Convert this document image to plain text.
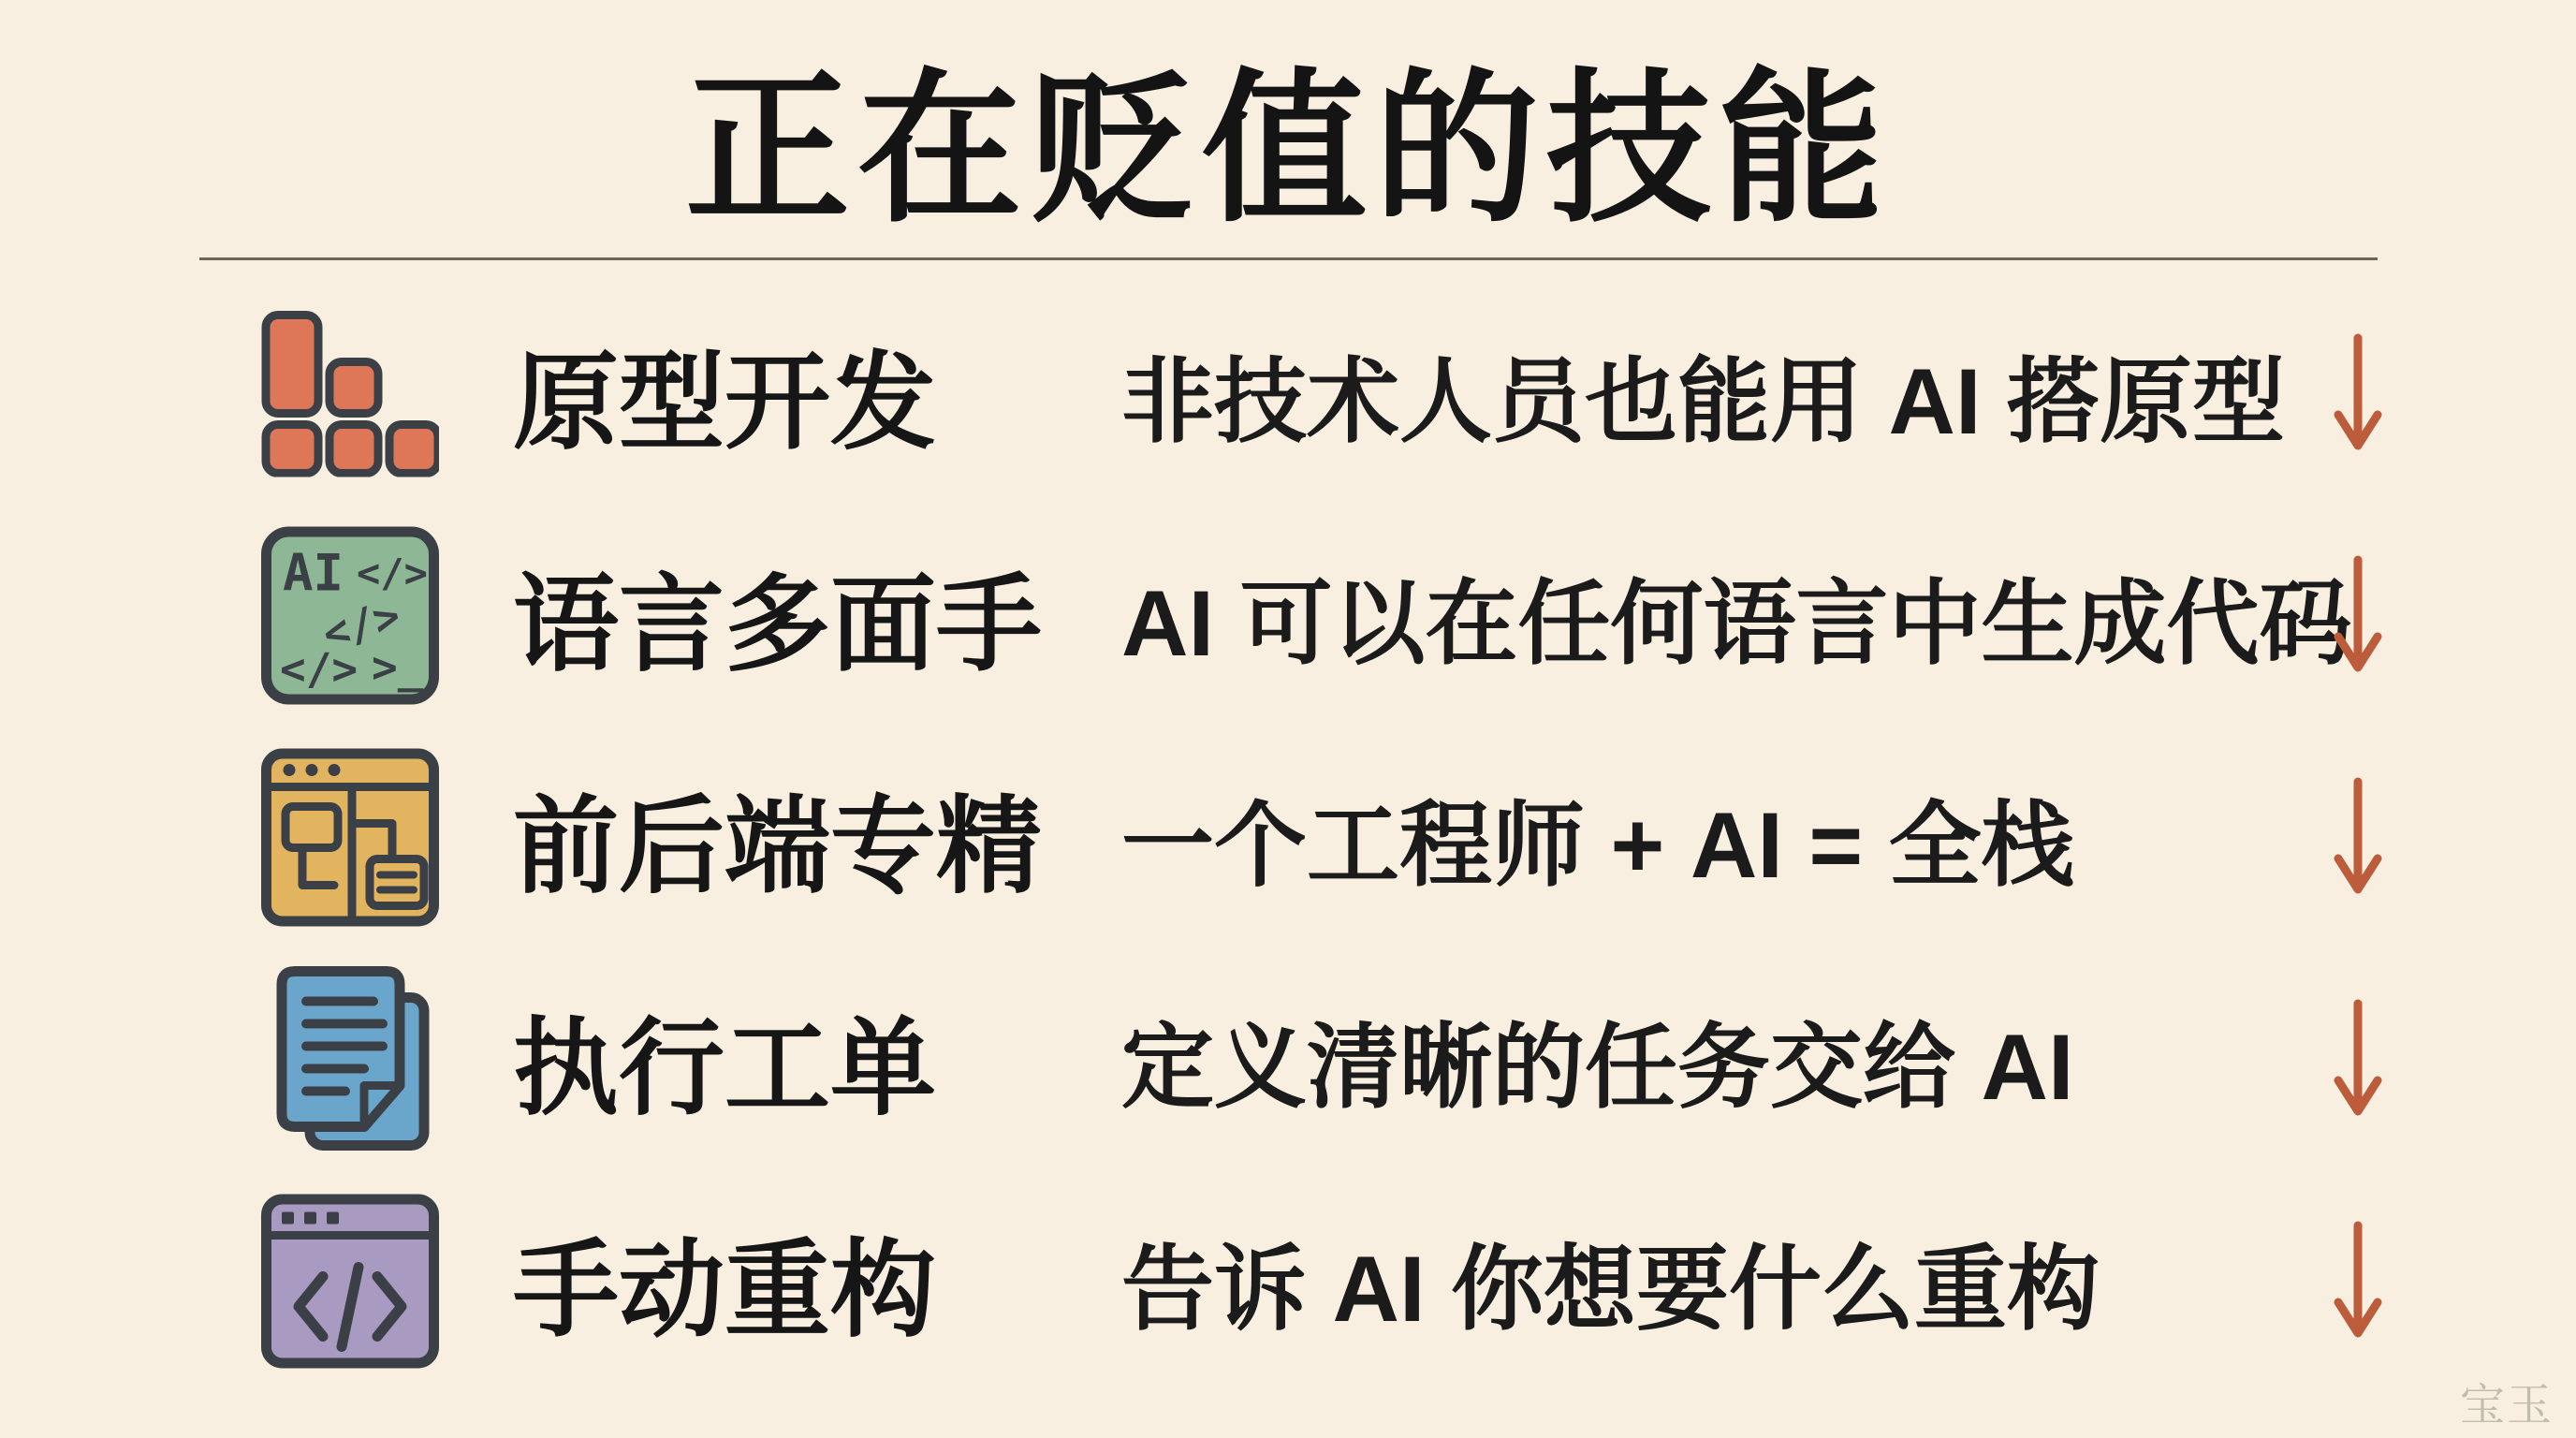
正在贬值的技能
原型开发 非技术人员也能用 AI 搭原型
AI </>
</>
</> >_ 语言多面手 AI 可以在任何语言中生成代码
前后端专精 一个工程师 + AI = 全栈
执行工单 定义清晰的任务交给 AI
手动重构 告诉 AI 你想要什么重构
宝玉
